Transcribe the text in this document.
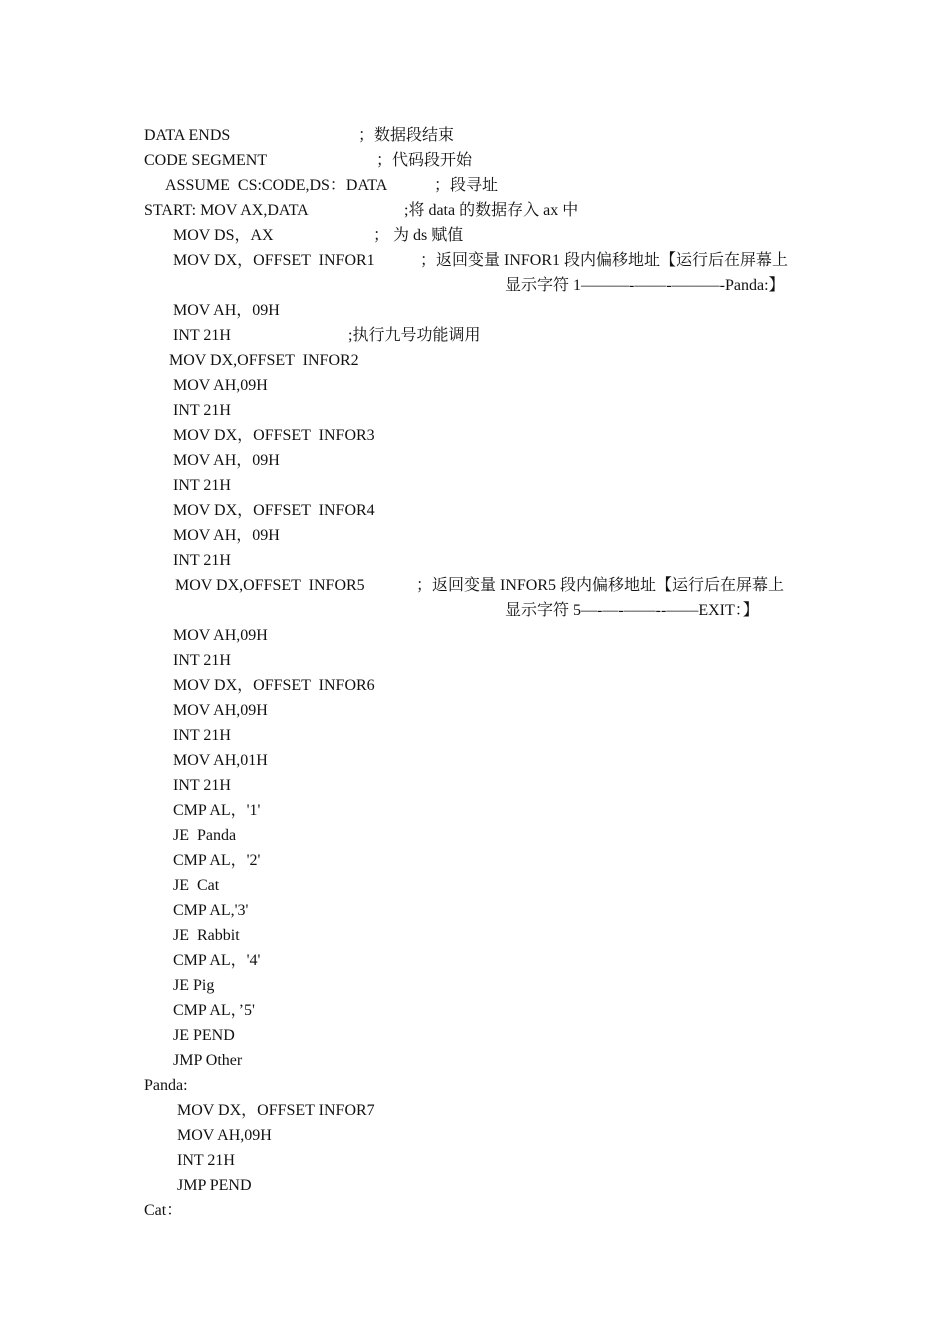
DATA ENDS	；数据段结束
CODE SEGMENT	；代码段开始
ASSUME  CS:CODE,DS：DATA	；段寻址
START: MOV AX,DATA	;将 data 的数据存入 ax 中
MOV DS，AX	； 为 ds 赋值
MOV DX，OFFSET  INFOR1	；返回变量 INFOR1 段内偏移地址【运行后在屏幕上
显示字符 1———-——-———-Panda:】
MOV AH，09H
INT 21H	;执行九号功能调用
MOV DX,OFFSET  INFOR2
MOV AH,09H
INT 21H
MOV DX，OFFSET  INFOR3
MOV AH，09H
INT 21H
MOV DX，OFFSET  INFOR4
MOV AH，09H
INT 21H
MOV DX,OFFSET  INFOR5	；返回变量 INFOR5 段内偏移地址【运行后在屏幕上
显示字符 5—-—-——--——EXIT：】
MOV AH,09H
INT 21H
MOV DX，OFFSET  INFOR6
MOV AH,09H
INT 21H
MOV AH,01H
INT 21H
CMP AL，'1'
JE  Panda
CMP AL，'2'
JE  Cat
CMP AL,'3'
JE  Rabbit
CMP AL，'4'
JE Pig
CMP AL，’5'
JE PEND
JMP Other
Panda:
MOV DX，OFFSET INFOR7
MOV AH,09H
INT 21H
JMP PEND
Cat：
